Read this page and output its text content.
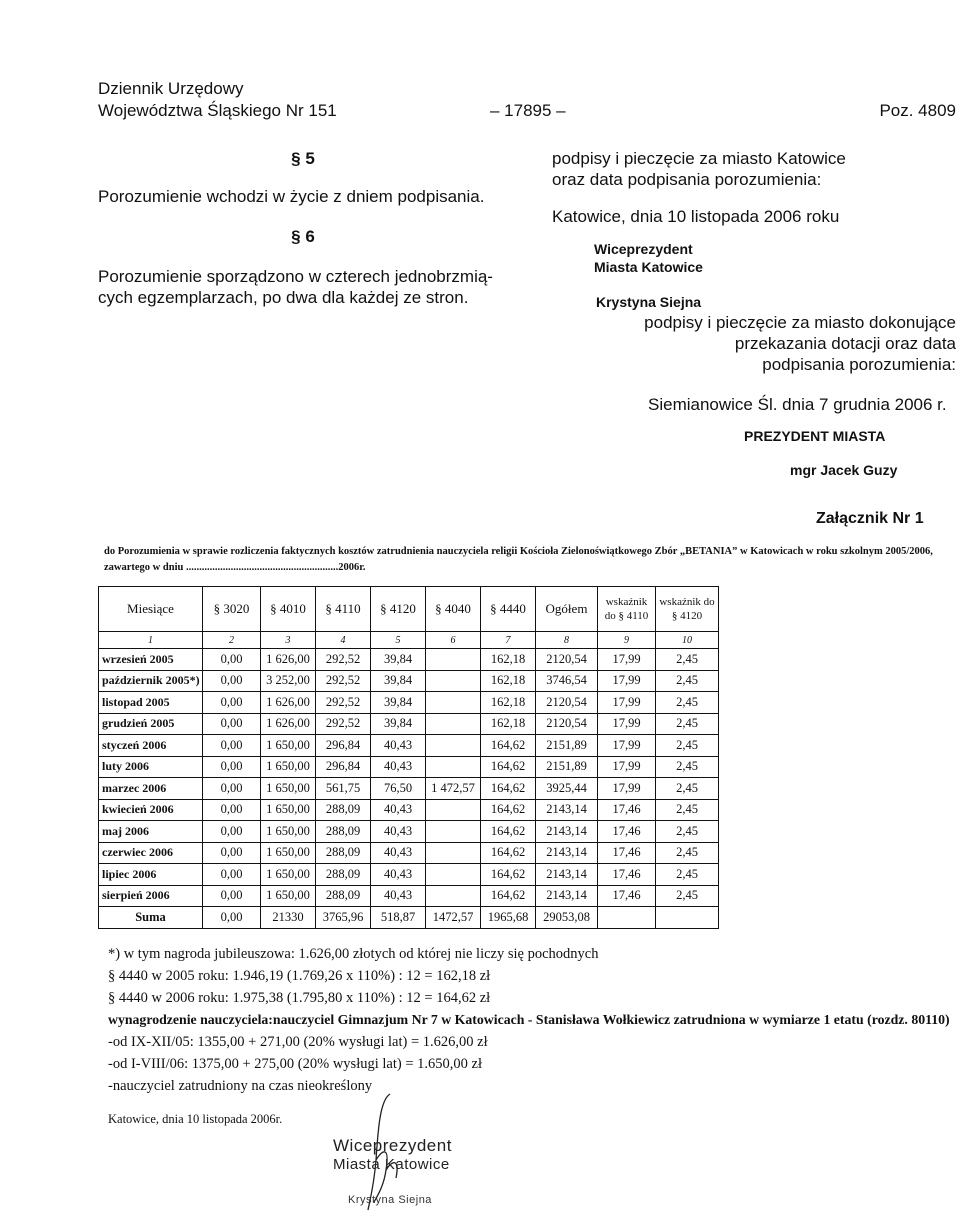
Dziennik Urzędowy
Województwa Śląskiego Nr 151	– 17895 –	Poz. 4809
§ 5
Porozumienie wchodzi w życie z dniem podpisania.
§ 6
Porozumienie sporządzono w czterech jednobrzmią-
cych egzemplarzach, po dwa dla każdej ze stron.
podpisy i pieczęcie za miasto Katowice
oraz data podpisania porozumienia:
Katowice, dnia 10 listopada 2006 roku
Wiceprezydent
Miasta Katowice
Krystyna Siejna
podpisy i pieczęcie za miasto dokonujące
przekazania dotacji oraz data
podpisania porozumienia:
Siemianowice Śl. dnia 7 grudnia 2006 r.
PREZYDENT MIASTA
mgr Jacek Guzy
Załącznik Nr 1
do Porozumienia w sprawie rozliczenia faktycznych kosztów zatrudnienia nauczyciela religii Kościoła Zielonoświątkowego Zbór „BETANIA” w Katowicach w roku szkolnym 2005/2006,
zawartego w dniu ..........................................................2006r.
Miesiące	§ 3020	§ 4010	§ 4110	§ 4120	§ 4040	§ 4440	Ogółem	wskaźnik do § 4110	wskaźnik do § 4120
1	2	3	4	5	6	7	8	9	10
wrzesień 2005	0,00	1 626,00	292,52	39,84		162,18	2120,54	17,99	2,45
październik 2005*)	0,00	3 252,00	292,52	39,84		162,18	3746,54	17,99	2,45
listopad 2005	0,00	1 626,00	292,52	39,84		162,18	2120,54	17,99	2,45
grudzień 2005	0,00	1 626,00	292,52	39,84		162,18	2120,54	17,99	2,45
styczeń 2006	0,00	1 650,00	296,84	40,43		164,62	2151,89	17,99	2,45
luty 2006	0,00	1 650,00	296,84	40,43		164,62	2151,89	17,99	2,45
marzec 2006	0,00	1 650,00	561,75	76,50	1 472,57	164,62	3925,44	17,99	2,45
kwiecień 2006	0,00	1 650,00	288,09	40,43		164,62	2143,14	17,46	2,45
maj 2006	0,00	1 650,00	288,09	40,43		164,62	2143,14	17,46	2,45
czerwiec 2006	0,00	1 650,00	288,09	40,43		164,62	2143,14	17,46	2,45
lipiec 2006	0,00	1 650,00	288,09	40,43		164,62	2143,14	17,46	2,45
sierpień 2006	0,00	1 650,00	288,09	40,43		164,62	2143,14	17,46	2,45
Suma	0,00	21330	3765,96	518,87	1472,57	1965,68	29053,08		
*) w tym nagroda jubileuszowa: 1.626,00 złotych od której nie liczy się pochodnych
§ 4440 w 2005 roku: 1.946,19 (1.769,26 x 110%) : 12 = 162,18 zł
§ 4440 w 2006 roku: 1.975,38 (1.795,80 x 110%) : 12 = 164,62 zł
wynagrodzenie nauczyciela:nauczyciel Gimnazjum Nr 7 w Katowicach - Stanisława Wołkiewicz zatrudniona w wymiarze 1 etatu (rozdz. 80110)
-od IX-XII/05: 1355,00 + 271,00 (20% wysługi lat) = 1.626,00 zł
-od I-VIII/06: 1375,00 + 275,00 (20% wysługi lat) = 1.650,00 zł
-nauczyciel zatrudniony na czas nieokreślony
Katowice, dnia 10 listopada 2006r.
Wiceprezydent
Miasta Katowice
Krystyna Siejna
